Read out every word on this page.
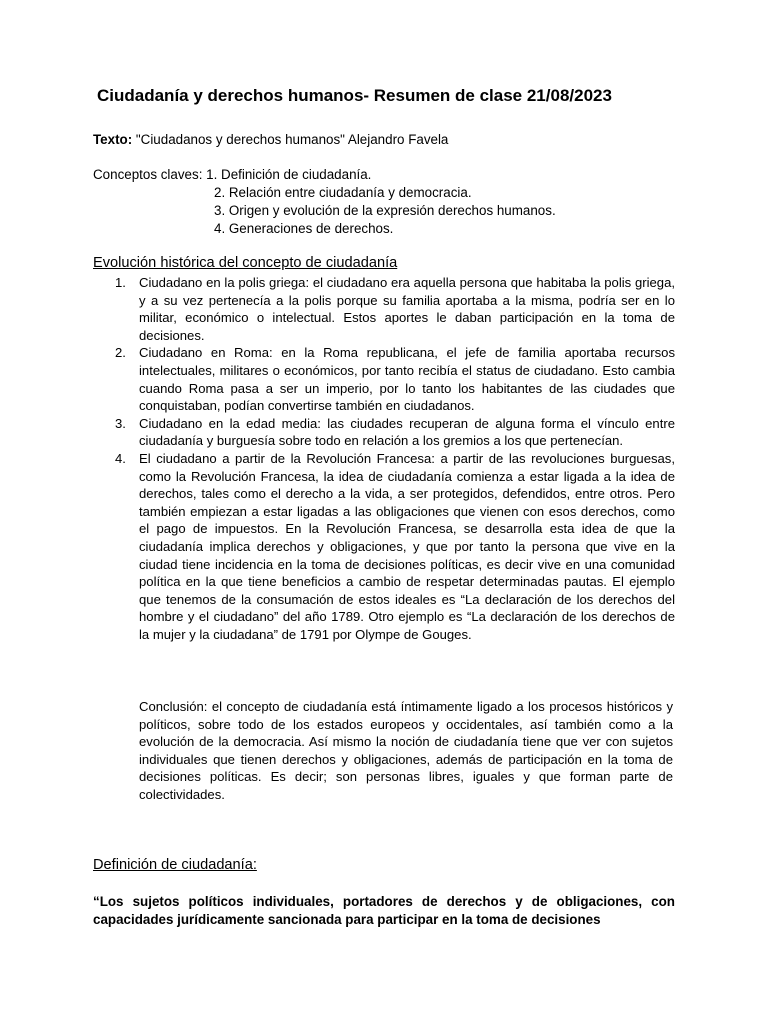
Ciudadanía y derechos humanos- Resumen de clase 21/08/2023
Texto: "Ciudadanos y derechos humanos" Alejandro Favela
Conceptos claves: 1. Definición de ciudadanía.
2. Relación entre ciudadanía y democracia.
3. Origen y evolución de la expresión derechos humanos.
4. Generaciones de derechos.
Evolución histórica del concepto de ciudadanía
1. Ciudadano en la polis griega: el ciudadano era aquella persona que habitaba la polis griega, y a su vez pertenecía a la polis porque su familia aportaba a la misma, podría ser en lo militar, económico o intelectual. Estos aportes le daban participación en la toma de decisiones.
2. Ciudadano en Roma: en la Roma republicana, el jefe de familia aportaba recursos intelectuales, militares o económicos, por tanto recibía el status de ciudadano. Esto cambia cuando Roma pasa a ser un imperio, por lo tanto los habitantes de las ciudades que conquistaban, podían convertirse también en ciudadanos.
3. Ciudadano en la edad media: las ciudades recuperan de alguna forma el vínculo entre ciudadanía y burguesía sobre todo en relación a los gremios a los que pertenecían.
4. El ciudadano a partir de la Revolución Francesa: a partir de las revoluciones burguesas, como la Revolución Francesa, la idea de ciudadanía comienza a estar ligada a la idea de derechos, tales como el derecho a la vida, a ser protegidos, defendidos, entre otros. Pero también empiezan a estar ligadas a las obligaciones que vienen con esos derechos, como el pago de impuestos. En la Revolución Francesa, se desarrolla esta idea de que la ciudadanía implica derechos y obligaciones, y que por tanto la persona que vive en la ciudad tiene incidencia en la toma de decisiones políticas, es decir vive en una comunidad política en la que tiene beneficios a cambio de respetar determinadas pautas. El ejemplo que tenemos de la consumación de estos ideales es “La declaración de los derechos del hombre y el ciudadano” del año 1789. Otro ejemplo es “La declaración de los derechos de la mujer y la ciudadana” de 1791 por Olympe de Gouges.
Conclusión: el concepto de ciudadanía está íntimamente ligado a los procesos históricos y políticos, sobre todo de los estados europeos y occidentales, así también como a la evolución de la democracia. Así mismo la noción de ciudadanía tiene que ver con sujetos individuales que tienen derechos y obligaciones, además de participación en la toma de decisiones políticas. Es decir; son personas libres, iguales y que forman parte de colectividades.
Definición de ciudadanía:
“Los sujetos políticos individuales, portadores de derechos y de obligaciones, con capacidades jurídicamente sancionada para participar en la toma de decisiones
